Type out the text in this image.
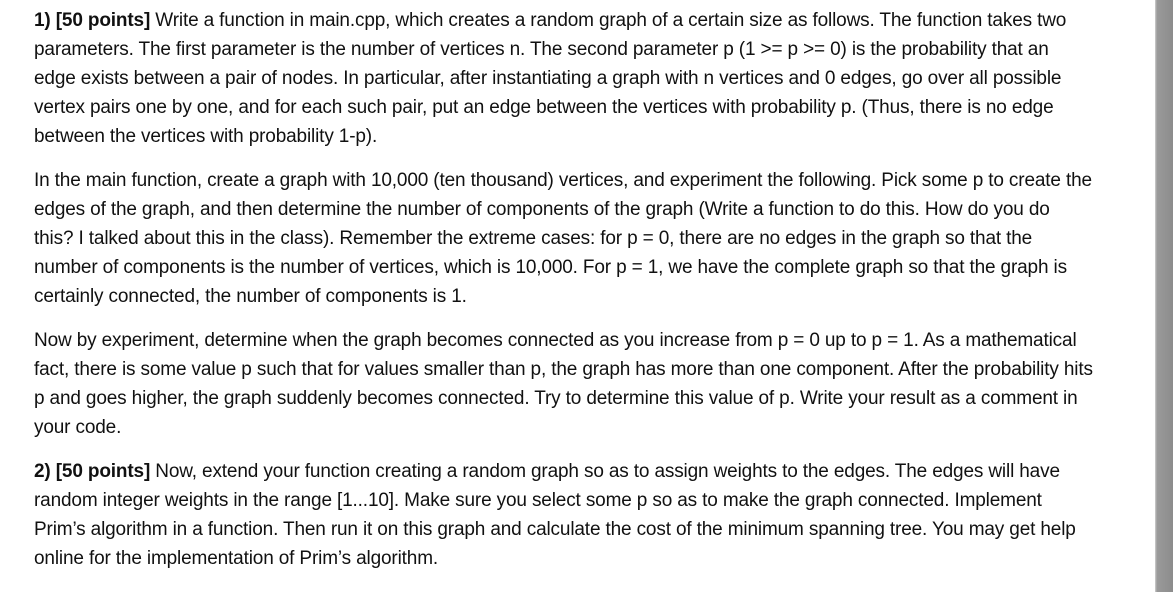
1) [50 points] Write a function in main.cpp, which creates a random graph of a certain size as follows. The function takes two parameters. The first parameter is the number of vertices n. The second parameter p (1 >= p >= 0) is the probability that an edge exists between a pair of nodes. In particular, after instantiating a graph with n vertices and 0 edges, go over all possible vertex pairs one by one, and for each such pair, put an edge between the vertices with probability p. (Thus, there is no edge between the vertices with probability 1-p).

In the main function, create a graph with 10,000 (ten thousand) vertices, and experiment the following. Pick some p to create the edges of the graph, and then determine the number of components of the graph (Write a function to do this. How do you do this? I talked about this in the class). Remember the extreme cases: for p = 0, there are no edges in the graph so that the number of components is the number of vertices, which is 10,000. For p = 1, we have the complete graph so that the graph is certainly connected, the number of components is 1.

Now by experiment, determine when the graph becomes connected as you increase from p = 0 up to p = 1. As a mathematical fact, there is some value p such that for values smaller than p, the graph has more than one component. After the probability hits p and goes higher, the graph suddenly becomes connected. Try to determine this value of p. Write your result as a comment in your code.

2) [50 points] Now, extend your function creating a random graph so as to assign weights to the edges. The edges will have random integer weights in the range [1...10]. Make sure you select some p so as to make the graph connected. Implement Prim’s algorithm in a function. Then run it on this graph and calculate the cost of the minimum spanning tree. You may get help online for the implementation of Prim’s algorithm.
